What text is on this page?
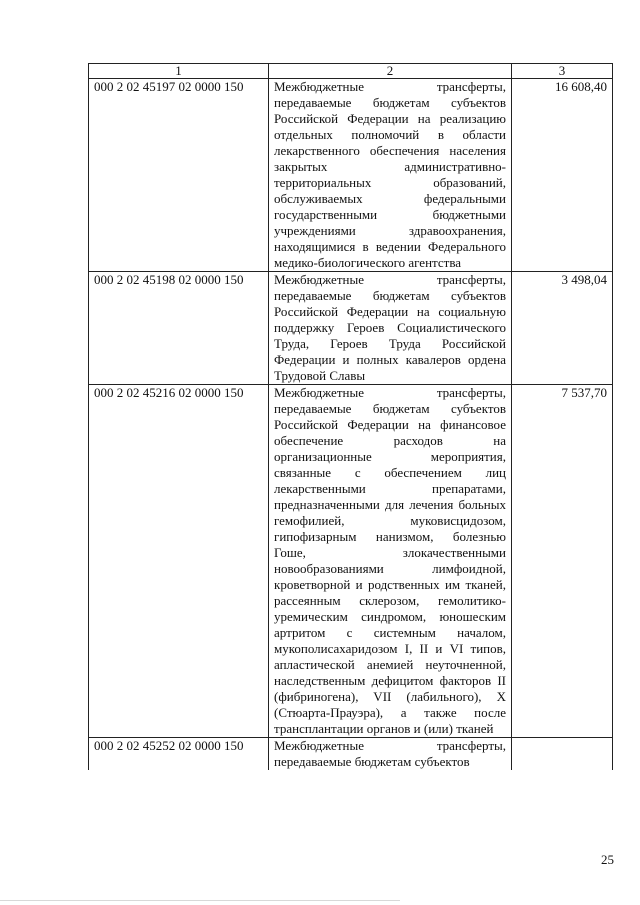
1	2	3
000 2 02 45197 02 0000 150	Межбюджетные трансферты, передаваемые бюджетам субъектов Российской Федерации на реализацию отдельных полномочий в области лекарственного обеспечения населения закрытых административно-территориальных образований, обслуживаемых федеральными государственными бюджетными учреждениями здравоохранения, находящимися в ведении Федерального медико-биологического агентства	16 608,40
000 2 02 45198 02 0000 150	Межбюджетные трансферты, передаваемые бюджетам субъектов Российской Федерации на социальную поддержку Героев Социалистического Труда, Героев Труда Российской Федерации и полных кавалеров ордена Трудовой Славы	3 498,04
000 2 02 45216 02 0000 150	Межбюджетные трансферты, передаваемые бюджетам субъектов Российской Федерации на финансовое обеспечение расходов на организационные мероприятия, связанные с обеспечением лиц лекарственными препаратами, предназначенными для лечения больных гемофилией, муковисцидозом, гипофизарным нанизмом, болезнью Гоше, злокачественными новообразованиями лимфоидной, кроветворной и родственных им тканей, рассеянным склерозом, гемолитико-уремическим синдромом, юношеским артритом с системным началом, мукополисахаридозом I, II и VI типов, апластической анемией неуточненной, наследственным дефицитом факторов II (фибриногена), VII (лабильного), X (Стюарта-Прауэра), а также после трансплантации органов и (или) тканей	7 537,70
000 2 02 45252 02 0000 150	Межбюджетные трансферты, передаваемые бюджетам субъектов	
25
